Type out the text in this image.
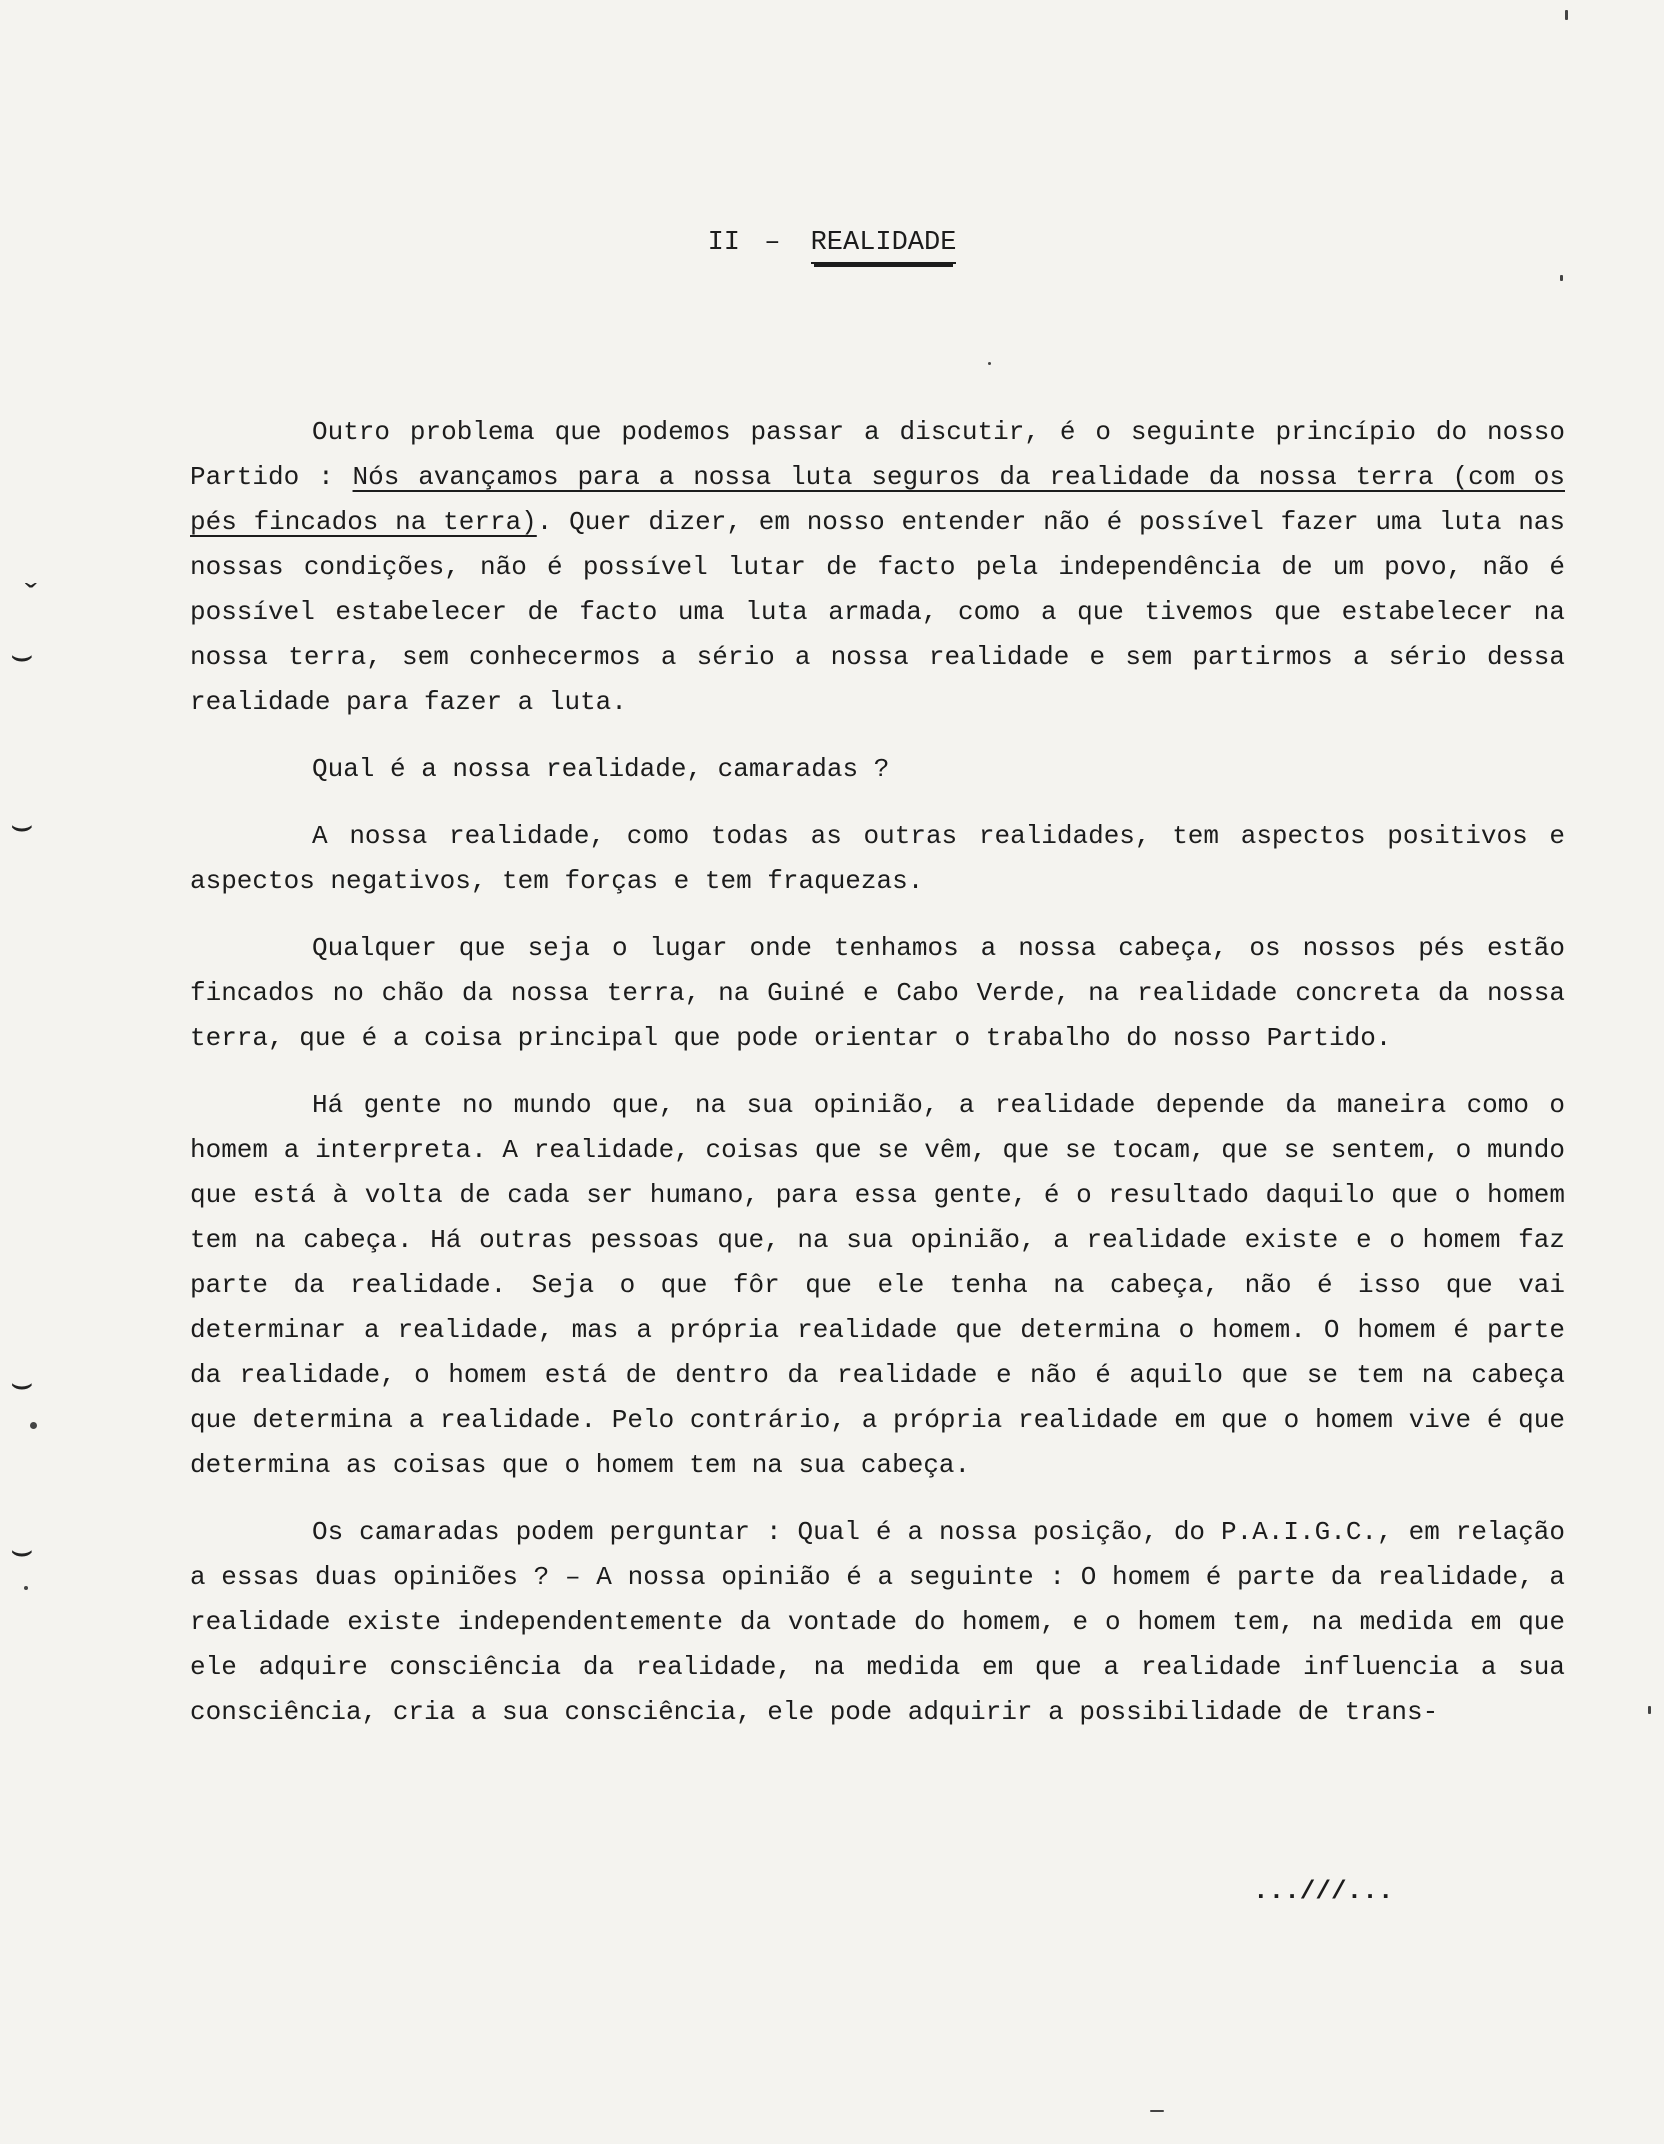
II – REALIDADE

Outro problema que podemos passar a discutir, é o seguinte princípio do nosso Partido : Nós avançamos para a nossa luta seguros da realidade da nossa terra (com os pés fincados na terra). Quer dizer, em nosso entender não é possível fazer uma luta nas nossas condições, não é possível lutar de facto pela independência de um povo, não é possível estabelecer de facto uma luta armada, como a que tivemos que estabelecer na nossa terra, sem conhecermos a sério a nossa realidade e sem partirmos a sério dessa realidade para fazer a luta.

Qual é a nossa realidade, camaradas ?

A nossa realidade, como todas as outras realidades, tem aspectos positivos e aspectos negativos, tem forças e tem fraquezas.

Qualquer que seja o lugar onde tenhamos a nossa cabeça, os nossos pés estão fincados no chão da nossa terra, na Guiné e Cabo Verde, na realidade concreta da nossa terra, que é a coisa principal que pode orientar o trabalho do nosso Partido.

Há gente no mundo que, na sua opinião, a realidade depende da maneira como o homem a interpreta. A realidade, coisas que se vêm, que se tocam, que se sentem, o mundo que está à volta de cada ser humano, para essa gente, é o resultado daquilo que o homem tem na cabeça. Há outras pessoas que, na sua opinião, a realidade existe e o homem faz parte da realidade. Seja o que fôr que ele tenha na cabeça, não é isso que vai determinar a realidade, mas a própria realidade que determina o homem. O homem é parte da realidade, o homem está de dentro da realidade e não é aquilo que se tem na cabeça que determina a realidade. Pelo contrário, a própria realidade em que o homem vive é que determina as coisas que o homem tem na sua cabeça.

Os camaradas podem perguntar : Qual é a nossa posição, do P.A.I.G.C., em relação a essas duas opiniões ? – A nossa opinião é a seguinte : O homem é parte da realidade, a realidade existe independentemente da vontade do homem, e o homem tem, na medida em que ele adquire consciência da realidade, na medida em que a realidade influencia a sua consciência, cria a sua consciência, ele pode adquirir a possibilidade de trans-

...///...
ˇ
⌣
⌣
⌣
⌣
